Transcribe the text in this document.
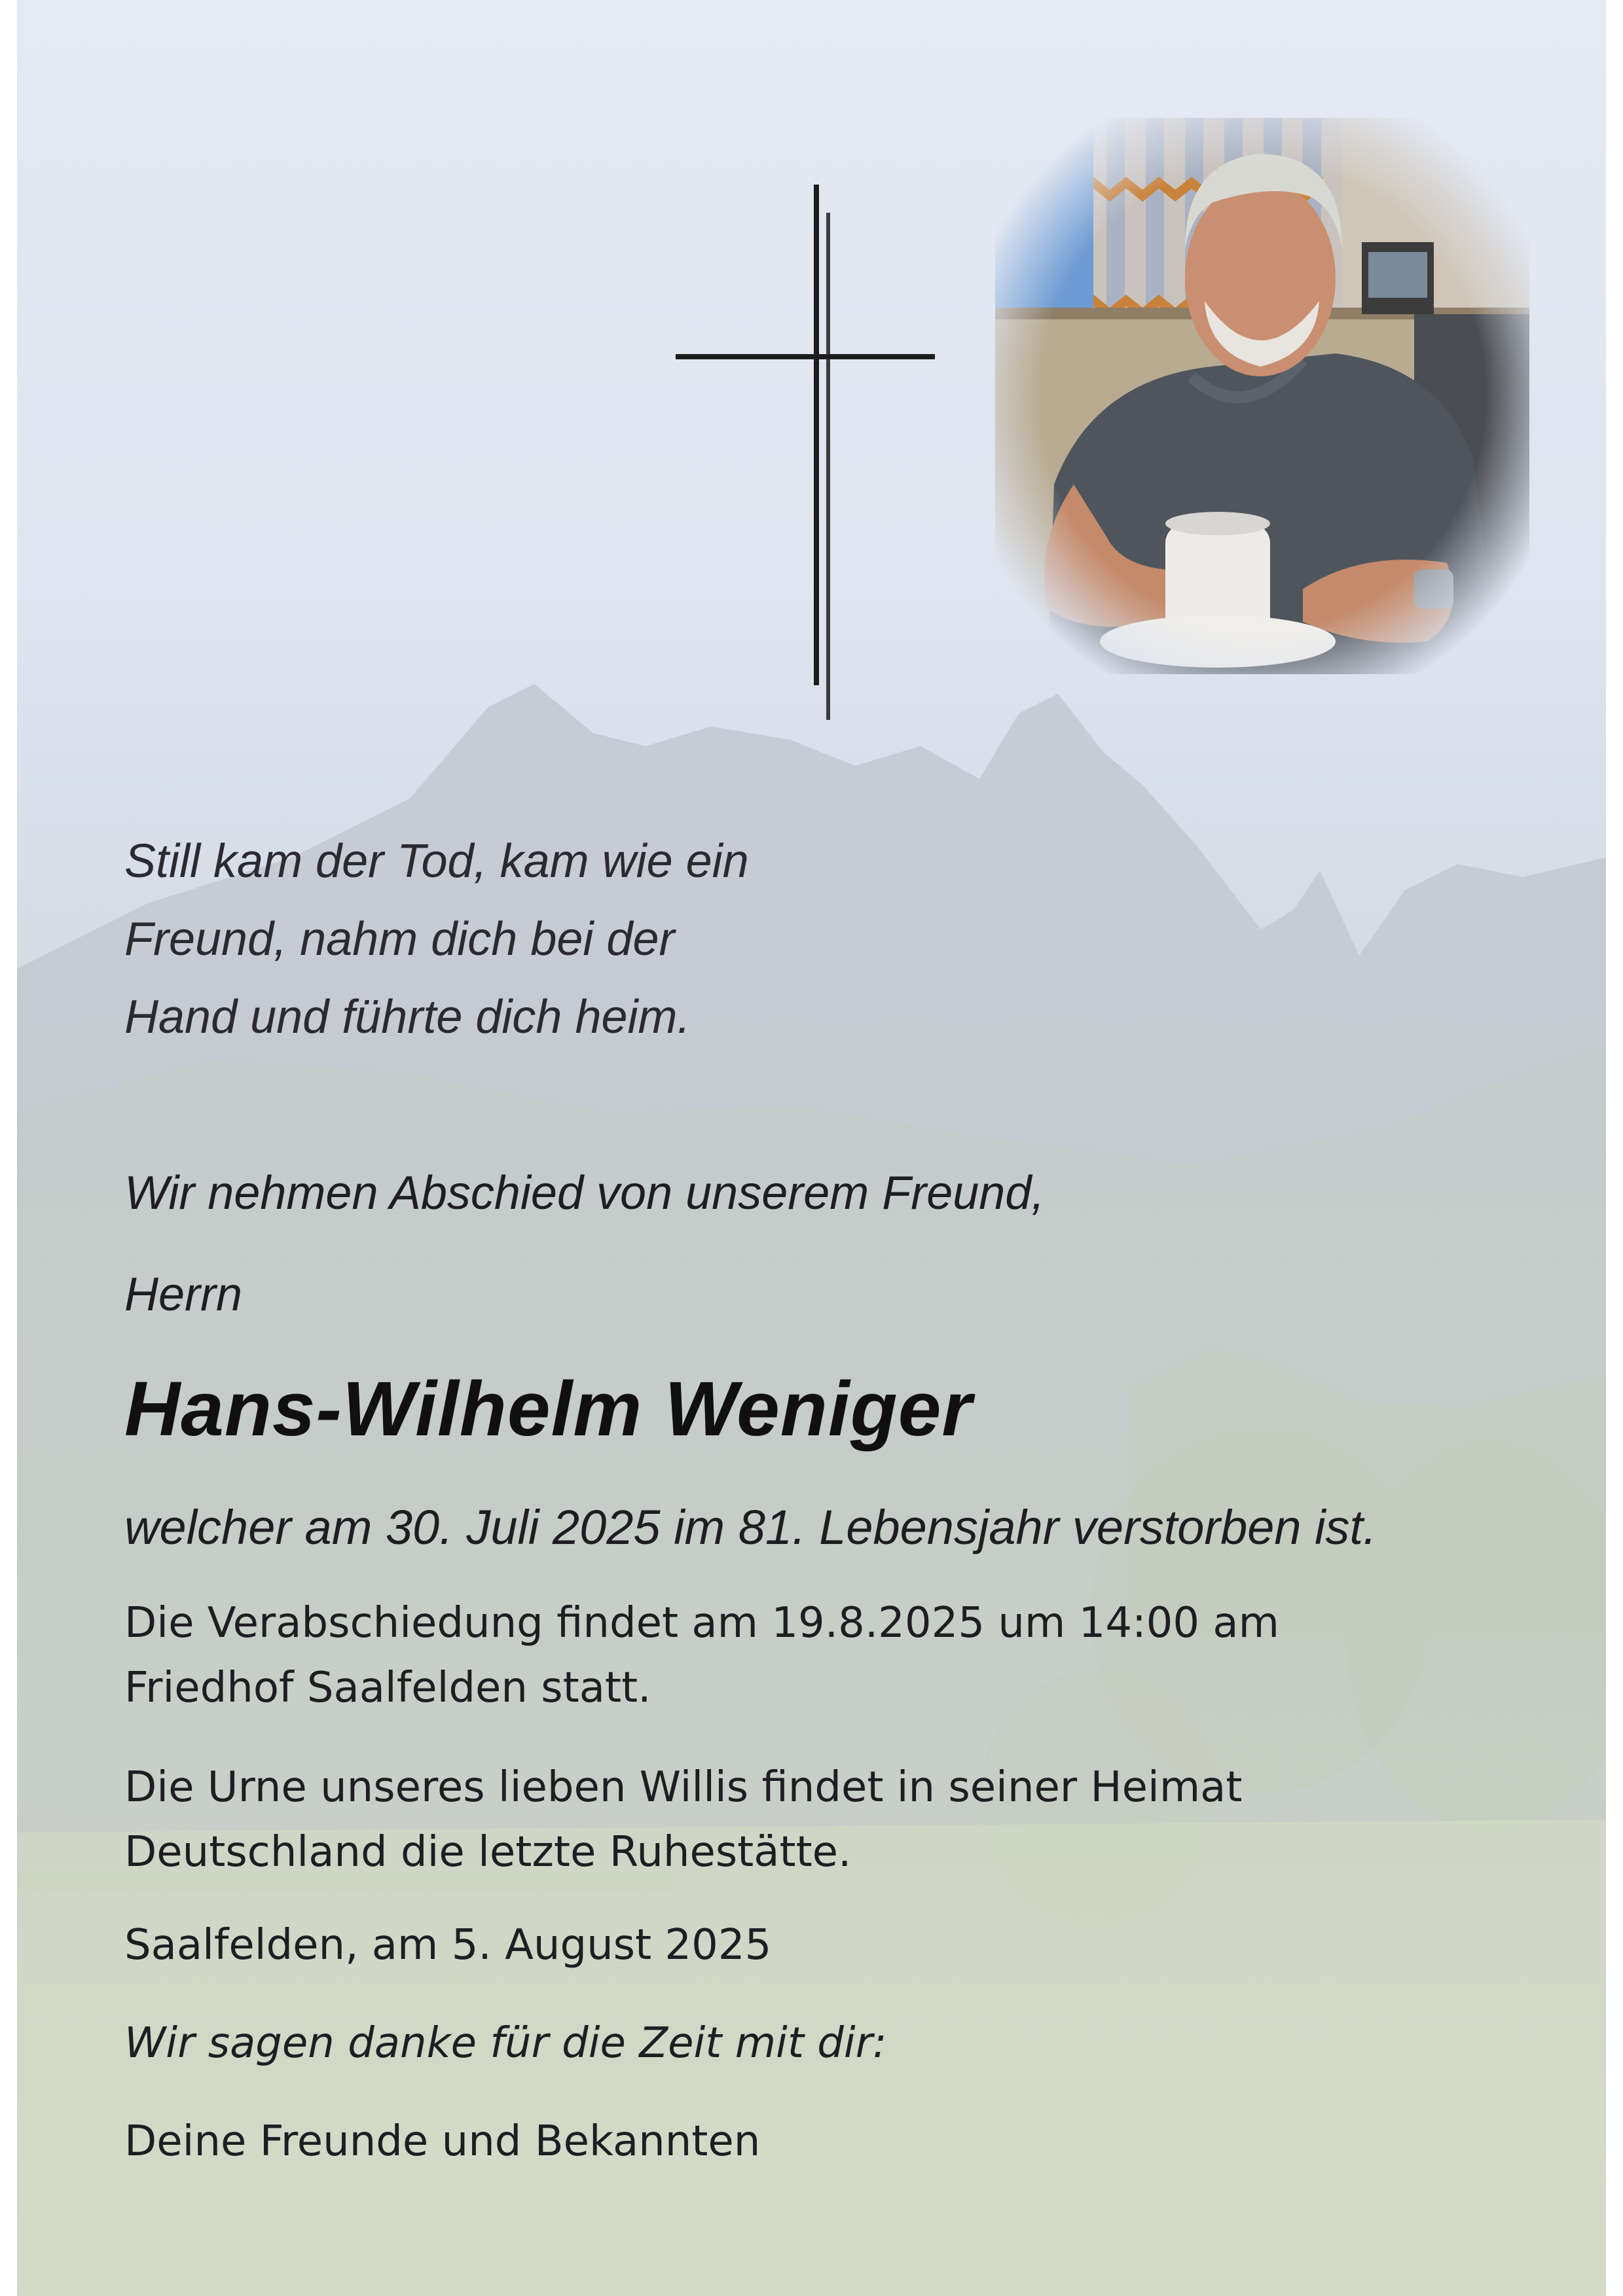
Still kam der Tod, kam wie ein
Freund, nahm dich bei der
Hand und führte dich heim.
Wir nehmen Abschied von unserem Freund,
Herrn
Hans-Wilhelm Weniger
welcher am 30. Juli 2025 im 81. Lebensjahr verstorben ist.
Die Verabschiedung findet am 19.8.2025 um 14:00 am
Friedhof Saalfelden statt.
Die Urne unseres lieben Willis findet in seiner Heimat
Deutschland die letzte Ruhestätte.
Saalfelden, am 5. August 2025
Wir sagen danke für die Zeit mit dir:
Deine Freunde und Bekannten
